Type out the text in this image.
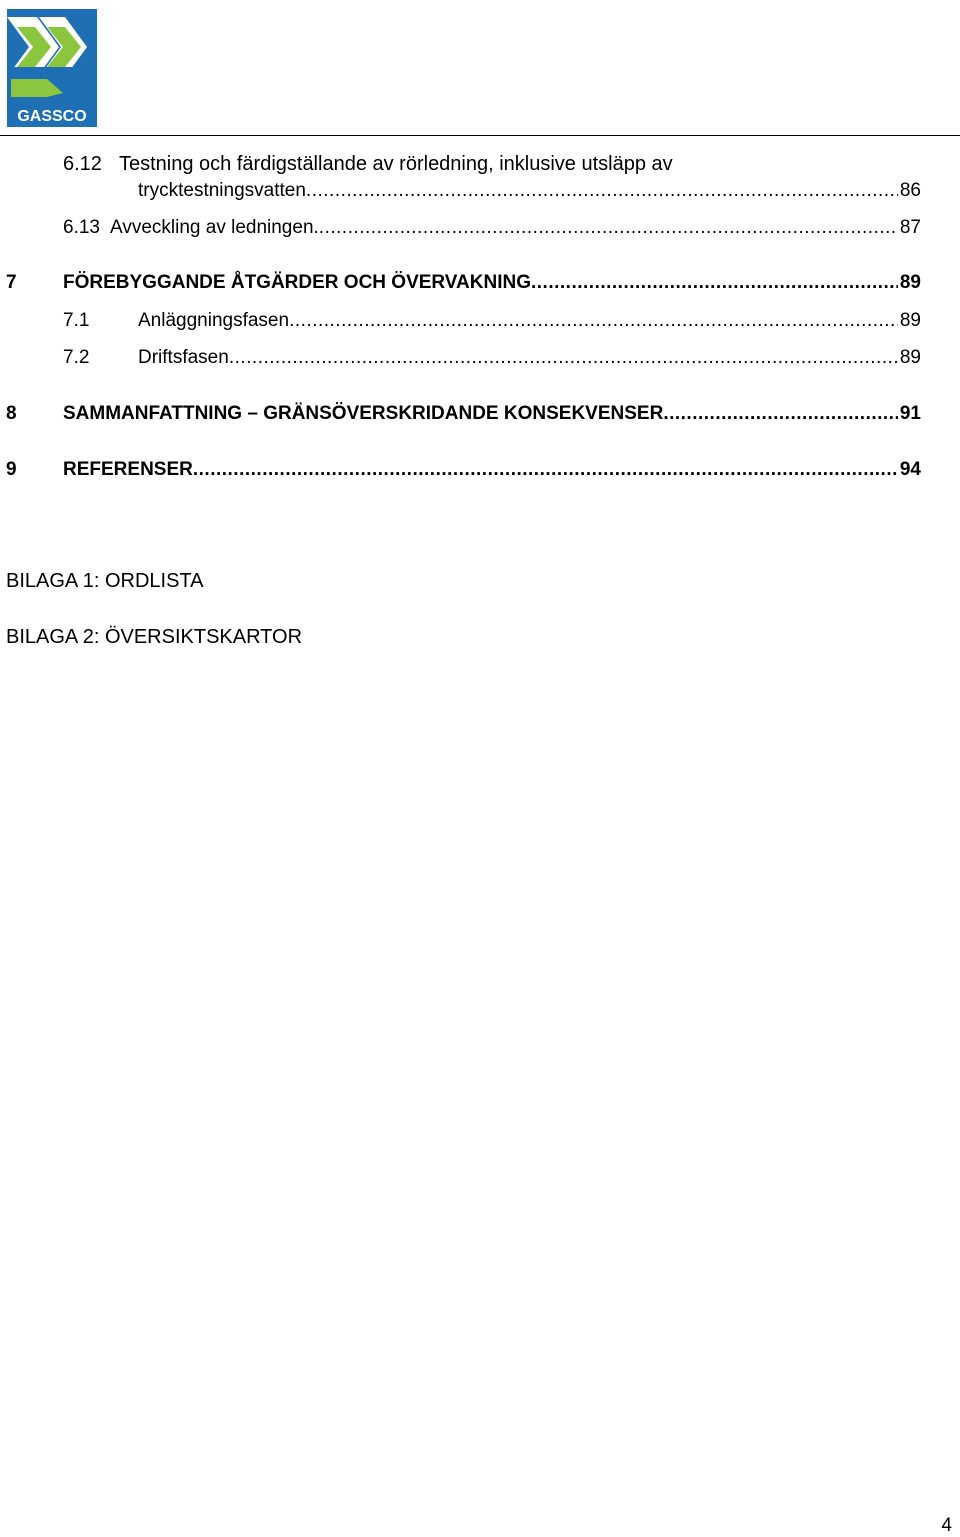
GASSCO
6.12 Testning och färdigställande av rörledning, inklusive utsläpp av
trycktestningsvatten .....	86
6.13 Avveckling av ledningen. .....	87
7	FÖREBYGGANDE ÅTGÄRDER OCH ÖVERVAKNING .....	89
7.1	Anläggningsfasen .....	89
7.2	Driftsfasen .....	89
8	SAMMANFATTNING – GRÄNSÖVERSKRIDANDE KONSEKVENSER .....	91
9	REFERENSER .....	94
BILAGA 1: ORDLISTA
BILAGA 2: ÖVERSIKTSKARTOR
4
